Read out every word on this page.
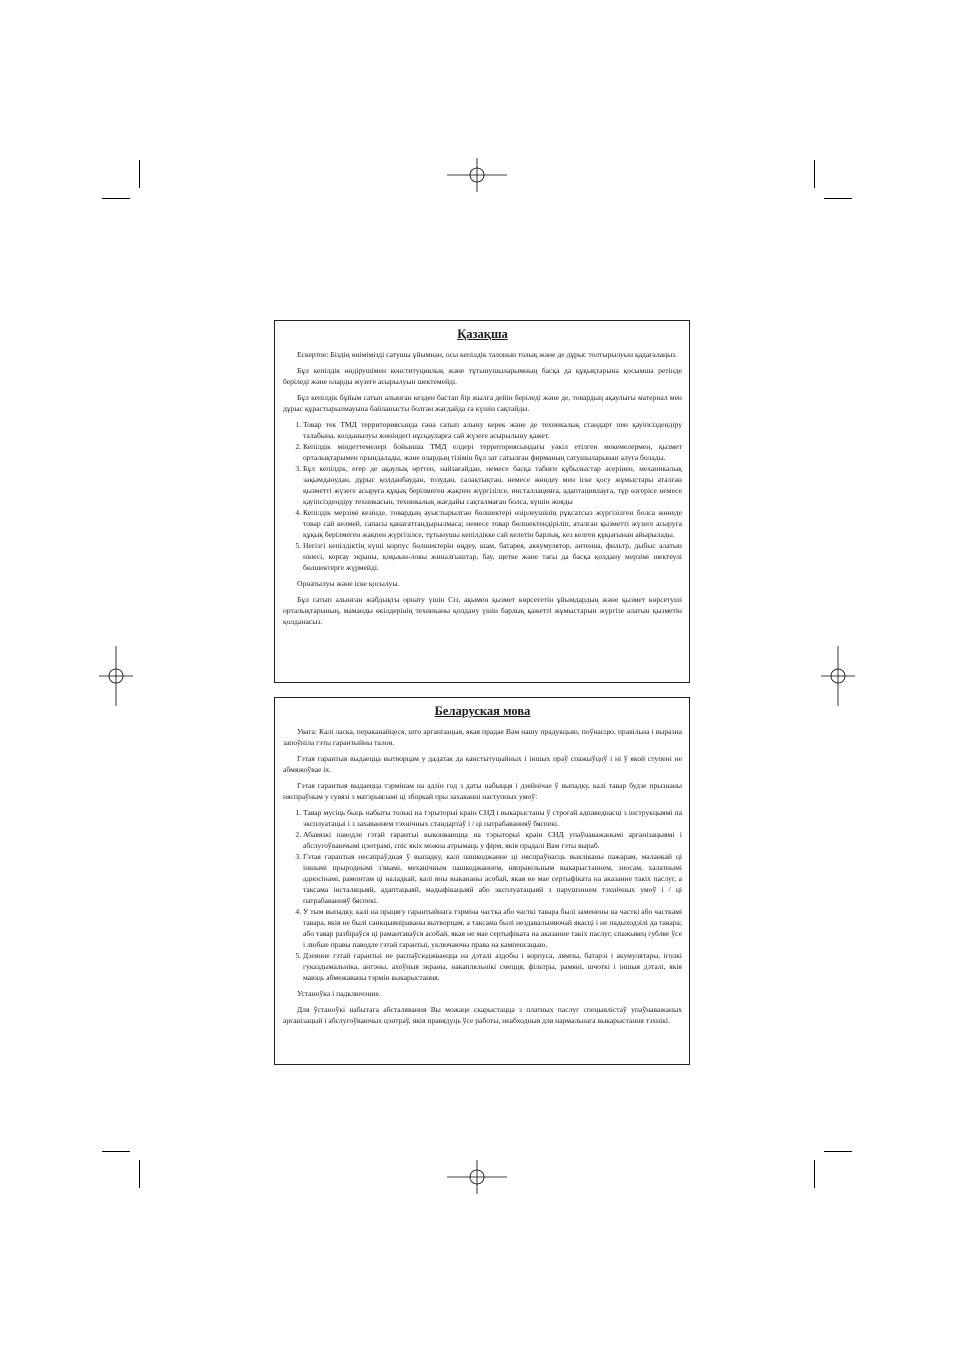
Қазақша

Ескертпе: Біздің өнімімізді сатушы ұйымнан, осы кепілдік талонын толық және де дұрыс толтырылуын қадағалаңыз.

Бұл кепілдік өндірушімен конституциялық және тұтынушыларымның басқа да құқықтарына қосымша ретінде беріледі және оларды жүзеге асырылуын шектемейді.

Бұл кепілдік бұйым сатып алынған кезден бастап бір жылға дейін беріледі және де, товардың ақаулығы материал мен дұрыс құрастырылмауына байланысты болған жағдайда ға күшін сақтайды.

1. Товар тек ТМД территориясында ғана сатып алыну керек және де техникалық стандарт пен қауіпсіздендіру талабына, колданылуы жөніндегі нұсқауларға сай жүзеге асырылыну қажет.
2. Кепілдік міндеттемелері бойынша ТМД елдері территориясындағы уәкіл етілген мекемелермен, қызмет орталықтарымен орындалады, және олардың тізімін бұл зат сатылған фирманың сатушыларынан алуға болады.
3. Бұл кепілдік, егер де ақаулық өрттен, найзағайдан, немесе басқа табиғи құбылыстар әсерінен, механикалық зақымданудан, дұрыс қолданбаудан, тозудан, салақтықтан, немесе жөндеу мен іске қосу жұмыстары аталған қызметті жүзеге асыруға құқық берілмеген жақпен жүргізілсе, инсталлацияға, адаптациялауға, тұр өзгерісе немесе қауіпсіздендіру техникасын, техникалық жағдайы сақталмаған болса, күшін жояды
4. Кепілдік мерзімі кезінде, товардың ауыстырылған бөлшектері өзірлеушінің рұқсатсыз жүргізілген болса жөнеде товар сай келмей, сапасы қанағаттандырылмаса; немесе товар бөлшектендіріліп, аталған қызметті жүзеге асыруға құқық берілмеген жақпен жүргізілсе, тұтынушы кепілдікке сай келетін барлық, кез келген құқығынан айырылады.
5. Негізгі кепілдіктің күші корпус бөлшектерін өңдеу, шам, батарея, аккумулятор, антенна, фильтр, дыбыс алатын иінесі, корғау экраны, қоқыын-локы жиналғыштар, бау, щетке және тағы да басқа қолдану мерзімі шектеулі бөлшектерге жүрмейді.

Орнатылуы және іске қосылуы.

Бұл сатып алынған жабдықты орнату үшін Сіз, ақымен қызмет көрсететін ұйымдардың және қызмет көрсетуші орталықтарының, маманды өкілдерінің техниканы қолдану үшін барлық қажетті жұмыстарын жүргізе алатын қызметін қолданасыз.

Беларуская мова

Увага: Калі ласка, пераканайцеся, што арганізацыя, якая прадае Вам нашу прадукцыю, поўнасцю, правільна і выразна запоўніла гэты гарантыйны талон.

Гэтая гарантыя выдаецца вытворцам у дадатак да канстытуцыйных і іншых праў спажыўцоў і ні ў якой ступені не абмяжоўвае іх.

Гэтая гарантыя выдаецца тэрмінам на адзін год з даты набыцця і дзейнічае ў выпадку, калі тавар будзе прызнаны няспраўным у сувязі з матэрыяламі ці зборкай пры захаванні наступных умоў:

1. Тавар мусіць быць набыты толькі на тэрыторыі краін СНД і выкарыстаны ў строгай адпаведнасці з інструкцыямі па эксплуатацыі і з захаваннем тэхнічных стандартаў і / ці патрабаванняў бяспекі.
2. Абавязкі паводле гэтай гарантыі выконваюцца на тэрыторыі краін СНД упаўнаважанымі арганізацыямі і абслугоўваючымі цэнтрамі, спіс якіх можна атрымаць у фірм, якія прадалі Вам гэты выраб.
3. Гэтая гарантыя несапраўдная ў выпадку, калі пашкоджанне ці няспраўнасць выкліканы пажарам, маланкай ці іншымі прыроднымі з'явамі, механічным пашкоджаннем, няправільным выкарыстаннем, зносам, халатнымі адносінамі, рамонтам ці наладкай, калі яны выкананы асобай, якая не мае сертыфіката на аказанне такіх паслуг, а таксама інсталяцыяй, адаптацыяй, мадыфікацыяй або эксплуатацыяй з парушэннем тэхнічных умоў і / ці патрабаванняў бяспекі.
4. У тым выпадку, калі на працягу гарантыйнага тэрміна частка або часткі тавара былі заменены на часткі або часткамі тавара, якія не былі санкцыяніраваны вытворцам, а таксама былі нездавальняючай якасці і не падыходзілі да тавара; або тавар разбіраўся ці рамантаваўся асобай, якая не мае сертыфіката на аказанне такіх паслуг, спажывец губляе ўсе і любые правы паводле гэтай гарантыі, уключаючы права на кампенсацыю.
5. Дзеянне гэтай гарантыі не распаўсюджваецца на дэталі аздобы і корпуса, лямпы, батарэі і акумулятары, іголкі гуказдымальніка, антэны, ахоўныя экраны, накапляльнікі смецця, фільтры, рамяні, шчоткі і іншыя дэталі, якія маюць абмежаваны тэрмін выкарыстання.

Устаноўка і падключэнне.

Для ўстаноўкі набытага абсталявання Вы можаце скарыстацца з платных паслуг спецыялістаў упаўнаважаных арганізацый і абслугоўваючых цэнтраў, якія правядуць ўсе работы, неабходныя для нармальнага выкарыстання тэхнікі.
